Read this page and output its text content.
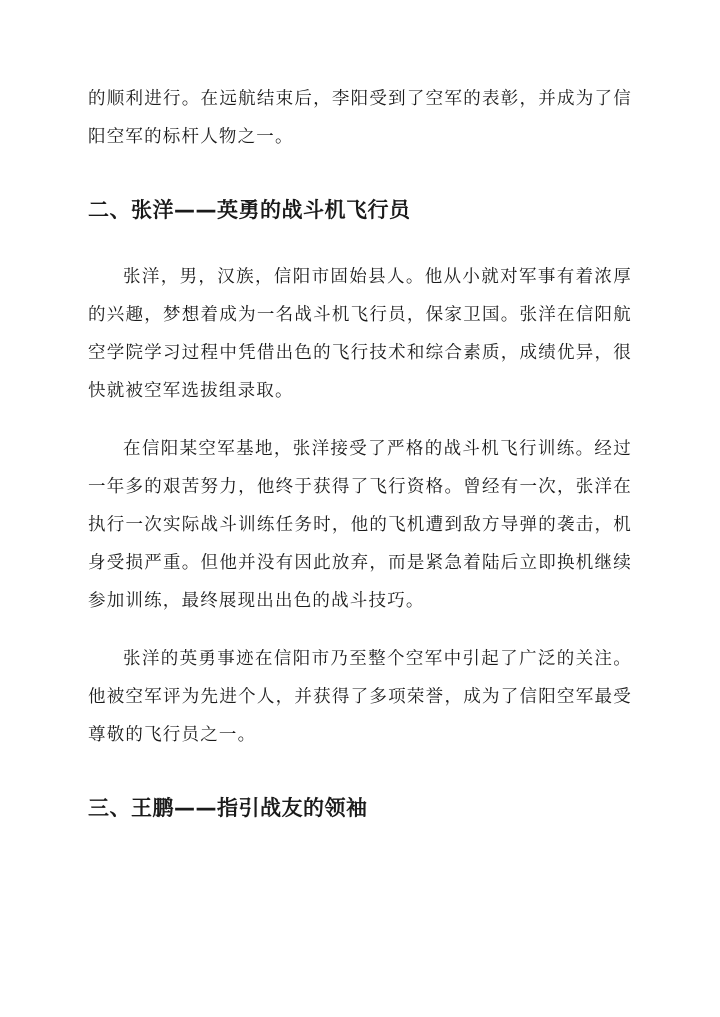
的顺利进行。在远航结束后，李阳受到了空军的表彰，并成为了信阳空军的标杆人物之一。

二、张洋——英勇的战斗机飞行员

张洋，男，汉族，信阳市固始县人。他从小就对军事有着浓厚的兴趣，梦想着成为一名战斗机飞行员，保家卫国。张洋在信阳航空学院学习过程中凭借出色的飞行技术和综合素质，成绩优异，很快就被空军选拔组录取。

在信阳某空军基地，张洋接受了严格的战斗机飞行训练。经过一年多的艰苦努力，他终于获得了飞行资格。曾经有一次，张洋在执行一次实际战斗训练任务时，他的飞机遭到敌方导弹的袭击，机身受损严重。但他并没有因此放弃，而是紧急着陆后立即换机继续参加训练，最终展现出出色的战斗技巧。

张洋的英勇事迹在信阳市乃至整个空军中引起了广泛的关注。他被空军评为先进个人，并获得了多项荣誉，成为了信阳空军最受尊敬的飞行员之一。

三、王鹏——指引战友的领袖
